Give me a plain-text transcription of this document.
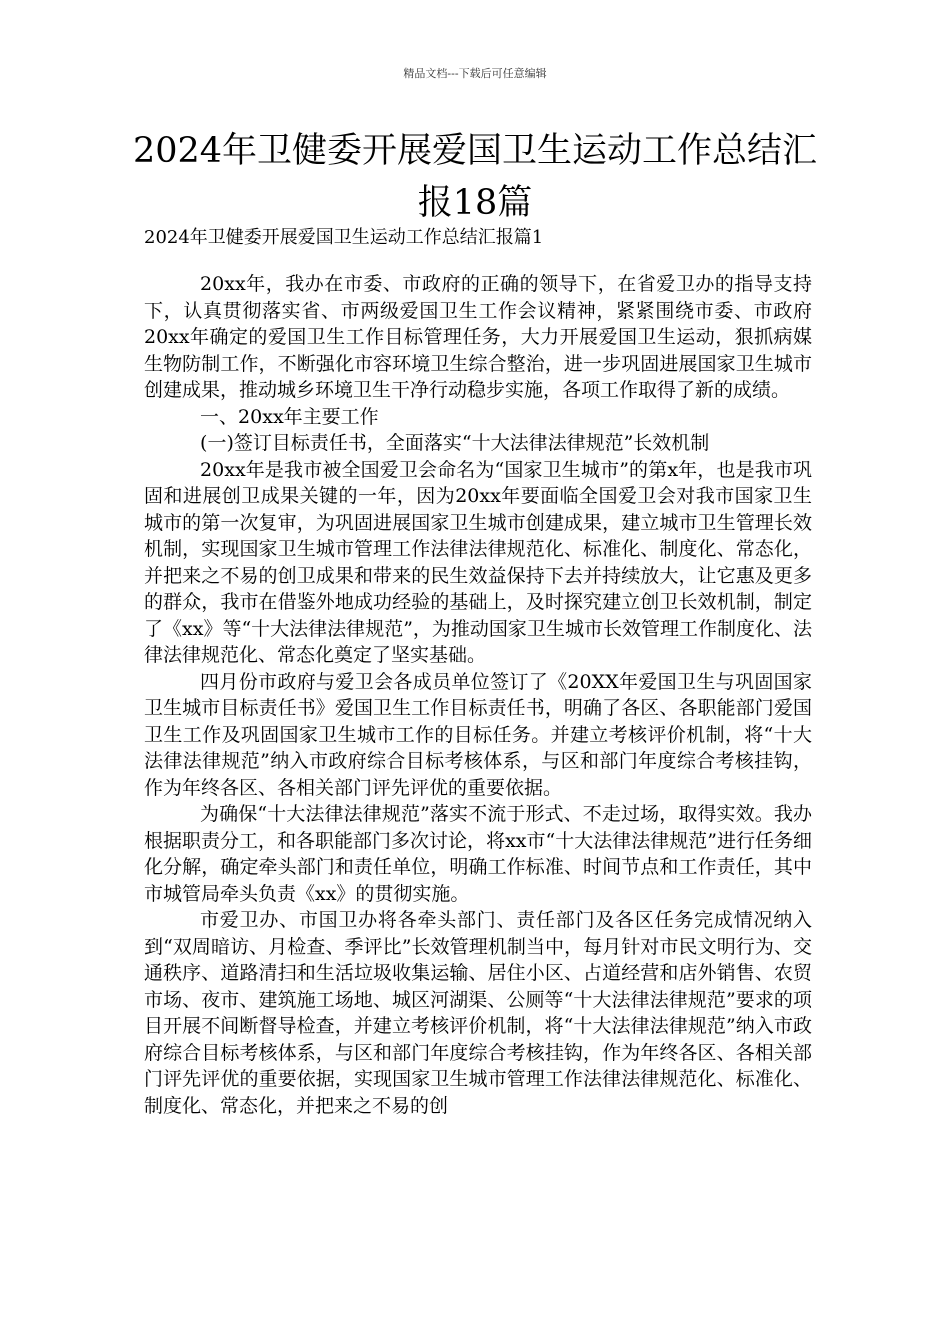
精品文档---下载后可任意编辑
2024年卫健委开展爱国卫生运动工作总结汇报18篇
2024年卫健委开展爱国卫生运动工作总结汇报篇1

20xx年，我办在市委、市政府的正确的领导下，在省爱卫办的指导支持下，认真贯彻落实省、市两级爱国卫生工作会议精神，紧紧围绕市委、市政府20xx年确定的爱国卫生工作目标管理任务，大力开展爱国卫生运动，狠抓病媒生物防制工作，不断强化市容环境卫生综合整治，进一步巩固进展国家卫生城市创建成果，推动城乡环境卫生干净行动稳步实施，各项工作取得了新的成绩。

一、20xx年主要工作

(一)签订目标责任书，全面落实“十大法律法律规范”长效机制

20xx年是我市被全国爱卫会命名为“国家卫生城市”的第x年，也是我市巩固和进展创卫成果关键的一年，因为20xx年要面临全国爱卫会对我市国家卫生城市的第一次复审，为巩固进展国家卫生城市创建成果，建立城市卫生管理长效机制，实现国家卫生城市管理工作法律法律规范化、标准化、制度化、常态化，并把来之不易的创卫成果和带来的民生效益保持下去并持续放大，让它惠及更多的群众，我市在借鉴外地成功经验的基础上，及时探究建立创卫长效机制，制定了《xx》等“十大法律法律规范”，为推动国家卫生城市长效管理工作制度化、法律法律规范化、常态化奠定了坚实基础。

四月份市政府与爱卫会各成员单位签订了《20XX年爱国卫生与巩固国家卫生城市目标责任书》爱国卫生工作目标责任书，明确了各区、各职能部门爱国卫生工作及巩固国家卫生城市工作的目标任务。并建立考核评价机制，将“十大法律法律规范”纳入市政府综合目标考核体系，与区和部门年度综合考核挂钩，作为年终各区、各相关部门评先评优的重要依据。

为确保“十大法律法律规范”落实不流于形式、不走过场，取得实效。我办根据职责分工，和各职能部门多次讨论，将xx市“十大法律法律规范”进行任务细化分解，确定牵头部门和责任单位，明确工作标准、时间节点和工作责任，其中市城管局牵头负责《xx》的贯彻实施。

市爱卫办、市国卫办将各牵头部门、责任部门及各区任务完成情况纳入到“双周暗访、月检查、季评比”长效管理机制当中，每月针对市民文明行为、交通秩序、道路清扫和生活垃圾收集运输、居住小区、占道经营和店外销售、农贸市场、夜市、建筑施工场地、城区河湖渠、公厕等“十大法律法律规范”要求的项目开展不间断督导检查，并建立考核评价机制，将“十大法律法律规范”纳入市政府综合目标考核体系，与区和部门年度综合考核挂钩，作为年终各区、各相关部门评先评优的重要依据，实现国家卫生城市管理工作法律法律规范化、标准化、制度化、常态化，并把来之不易的创
